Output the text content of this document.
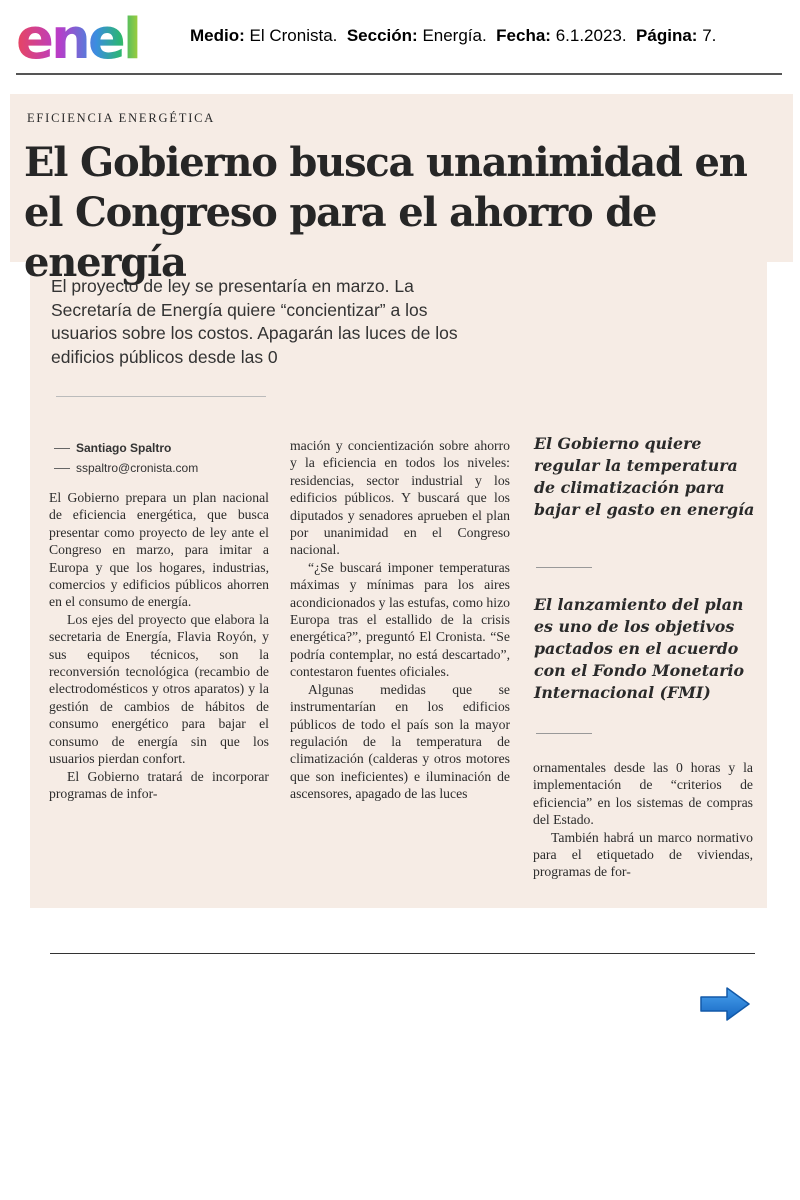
enel	Medio: El Cronista. Sección: Energía. Fecha: 6.1.2023. Página: 7.
EFICIENCIA ENERGÉTICA
El Gobierno busca unanimidad en el Congreso para el ahorro de energía
El proyecto de ley se presentaría en marzo. La Secretaría de Energía quiere “concientizar” a los usuarios sobre los costos. Apagarán las luces de los edificios públicos desde las 0
Santiago Spaltro
sspaltro@cronista.com

El Gobierno prepara un plan nacional de eficiencia energética, que busca presentar como proyecto de ley ante el Congreso en marzo, para imitar a Europa y que los hogares, industrias, comercios y edificios públicos ahorren en el consumo de energía.

Los ejes del proyecto que elabora la secretaria de Energía, Flavia Royón, y sus equipos técnicos, son la reconversión tecnológica (recambio de electrodomésticos y otros aparatos) y la gestión de cambios de hábitos de consumo energético para bajar el consumo de energía sin que los usuarios pierdan confort.

El Gobierno tratará de incorporar programas de infor-

mación y concientización sobre ahorro y la eficiencia en todos los niveles: residencias, sector industrial y los edificios públicos. Y buscará que los diputados y senadores aprueben el plan por unanimidad en el Congreso nacional.

“¿Se buscará imponer temperaturas máximas y mínimas para los aires acondicionados y las estufas, como hizo Europa tras el estallido de la crisis energética?”, preguntó El Cronista. “Se podría contemplar, no está descartado”, contestaron fuentes oficiales.

Algunas medidas que se instrumentarían en los edificios públicos de todo el país son la mayor regulación de la temperatura de climatización (calderas y otros motores que son ineficientes) e iluminación de ascensores, apagado de las luces

El Gobierno quiere regular la temperatura de climatización para bajar el gasto en energía

El lanzamiento del plan es uno de los objetivos pactados en el acuerdo con el Fondo Monetario Internacional (FMI)

ornamentales desde las 0 horas y la implementación de “criterios de eficiencia” en los sistemas de compras del Estado.

También habrá un marco normativo para el etiquetado de viviendas, programas de for-
